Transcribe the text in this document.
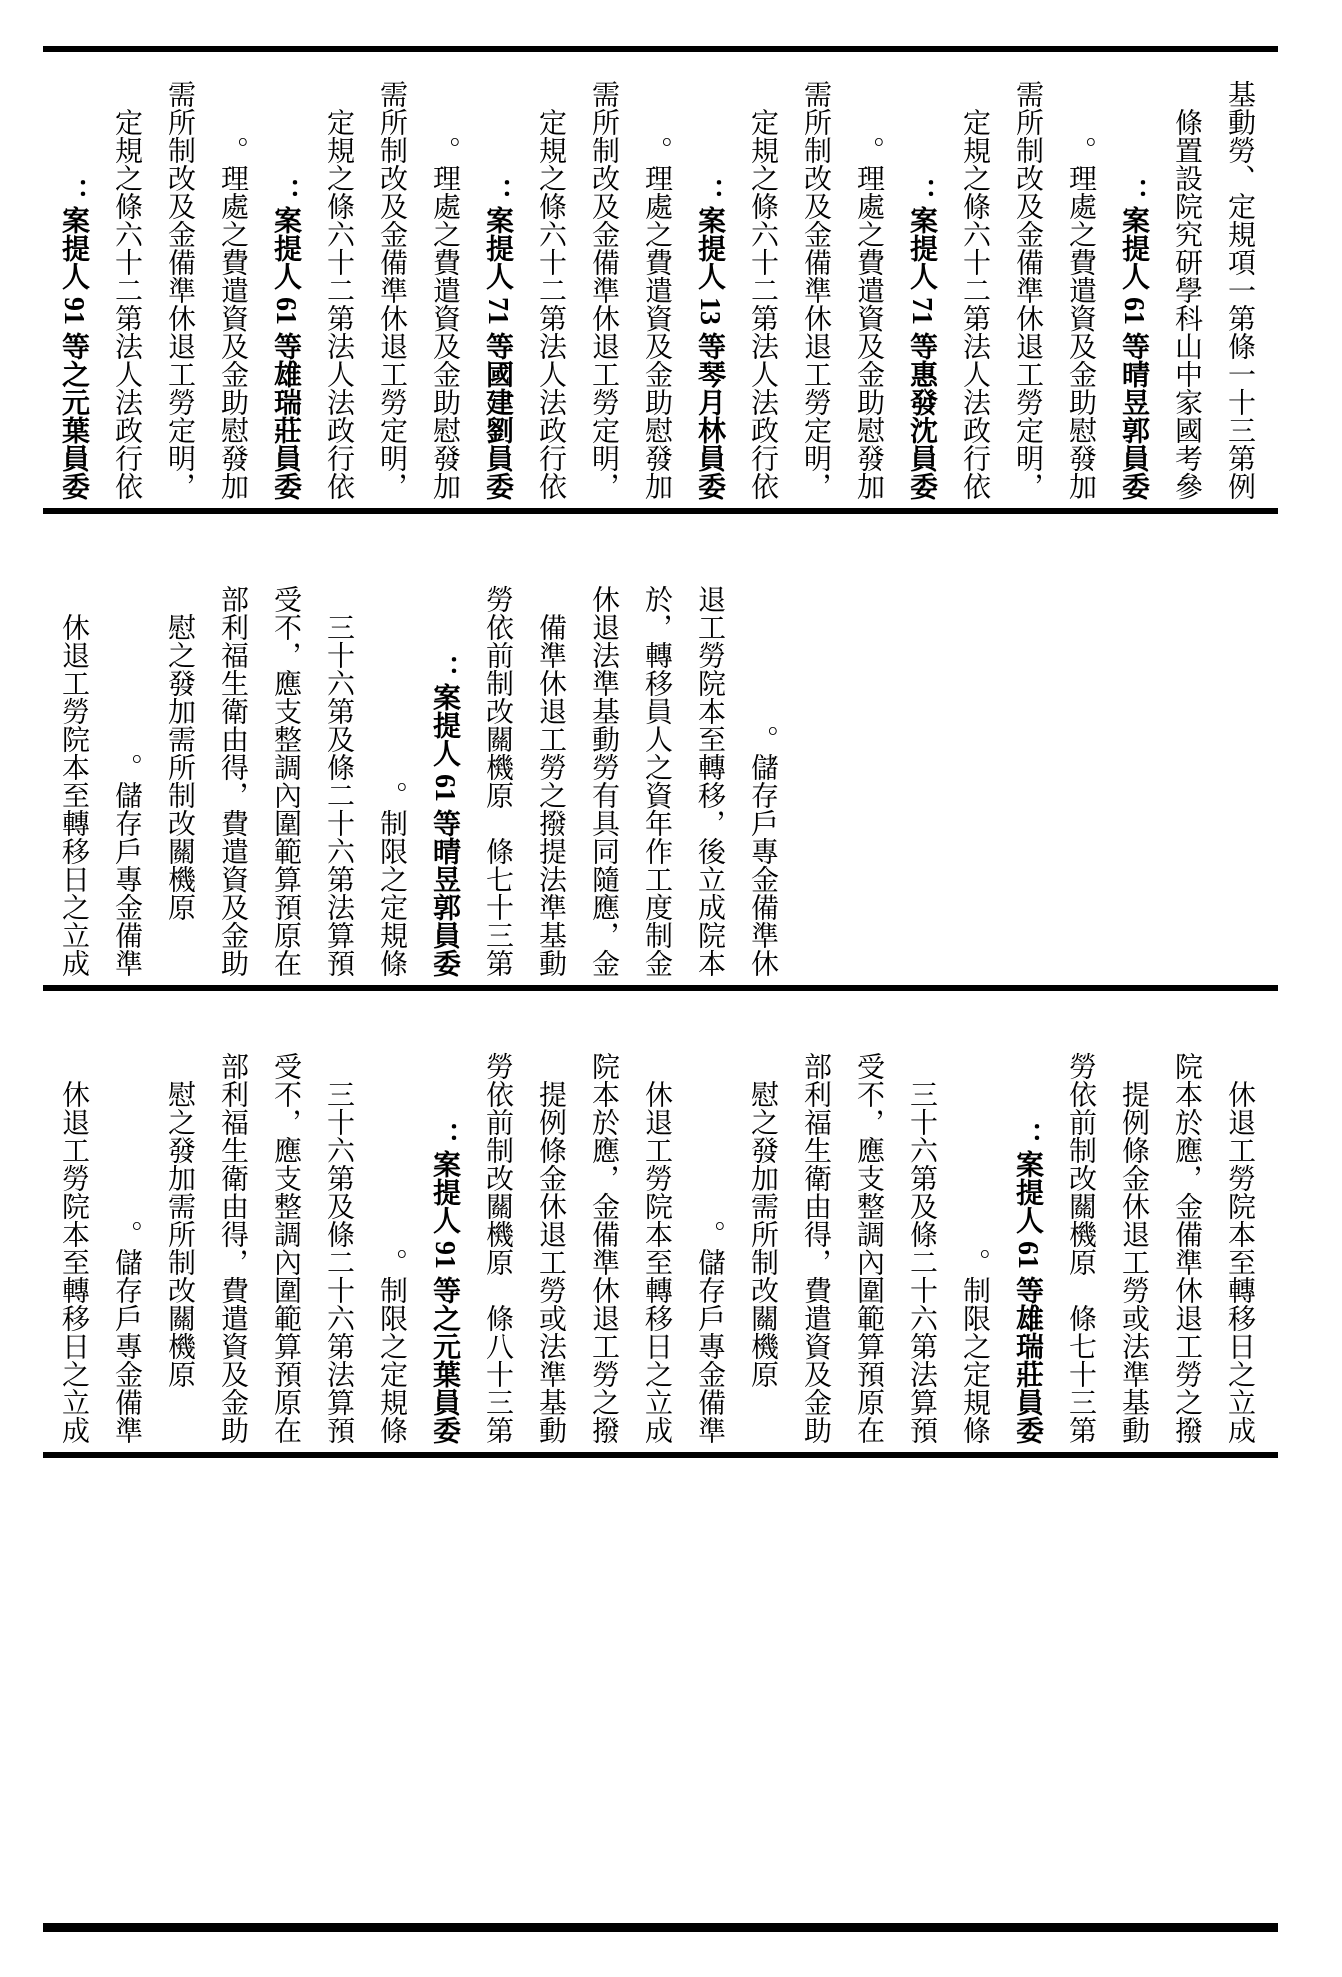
：案提人 91 等之元葉員委 定規之條六十二第法人法政行依 需所制改及金備準休退工勞定明， 。理處之費遣資及金助慰發加 ：案提人 61 等雄瑞莊員委 定規之條六十二第法人法政行依 需所制改及金備準休退工勞定明， 。理處之費遣資及金助慰發加 ：案提人 71 等國建劉員委 定規之條六十二第法人法政行依 需所制改及金備準休退工勞定明， 。理處之費遣資及金助慰發加 ：案提人 13 等琴月林員委 定規之條六十二第法人法政行依 需所制改及金備準休退工勞定明， 。理處之費遣資及金助慰發加 ：案提人 71 等惠發沈員委 定規之條六十二第法人法政行依 需所制改及金備準休退工勞定明， 。理處之費遣資及金助慰發加 ：案提人 61 等晴昱郭員委 條置設院究研學科山中家國考參 基動勞、定規項一第條一十三第例
休退工勞院本至轉移日之立成 。儲存戶專金備準 慰之發加需所制改關機原　　 部利福生衛由得，費遣資及金助 受不，應支整調內圍範算預原在 三十六第及條二十六第法算預 。制限之定規條 ：案提人 61 等晴昱郭員委 勞依前制改關機原　條七十三第 備準休退工勞之撥提法準基動 休退法準基動勞有具同隨應，金 於，轉移員人之資年作工度制金 退工勞院本至轉移，後立成院本 。儲存戶專金備準休
休退工勞院本至轉移日之立成 。儲存戶專金備準 慰之發加需所制改關機原　　 部利福生衛由得，費遣資及金助 受不，應支整調內圍範算預原在 三十六第及條二十六第法算預 。制限之定規條 ：案提人 91 等之元葉員委 勞依前制改關機原　條八十三第 提例條金休退工勞或法準基動 院本於應，金備準休退工勞之撥 休退工勞院本至轉移日之立成 。儲存戶專金備準 慰之發加需所制改關機原　　 部利福生衛由得，費遣資及金助 受不，應支整調內圍範算預原在 三十六第及條二十六第法算預 。制限之定規條 ：案提人 61 等雄瑞莊員委 勞依前制改關機原　條七十三第 提例條金休退工勞或法準基動 院本於應，金備準休退工勞之撥 休退工勞院本至轉移日之立成
